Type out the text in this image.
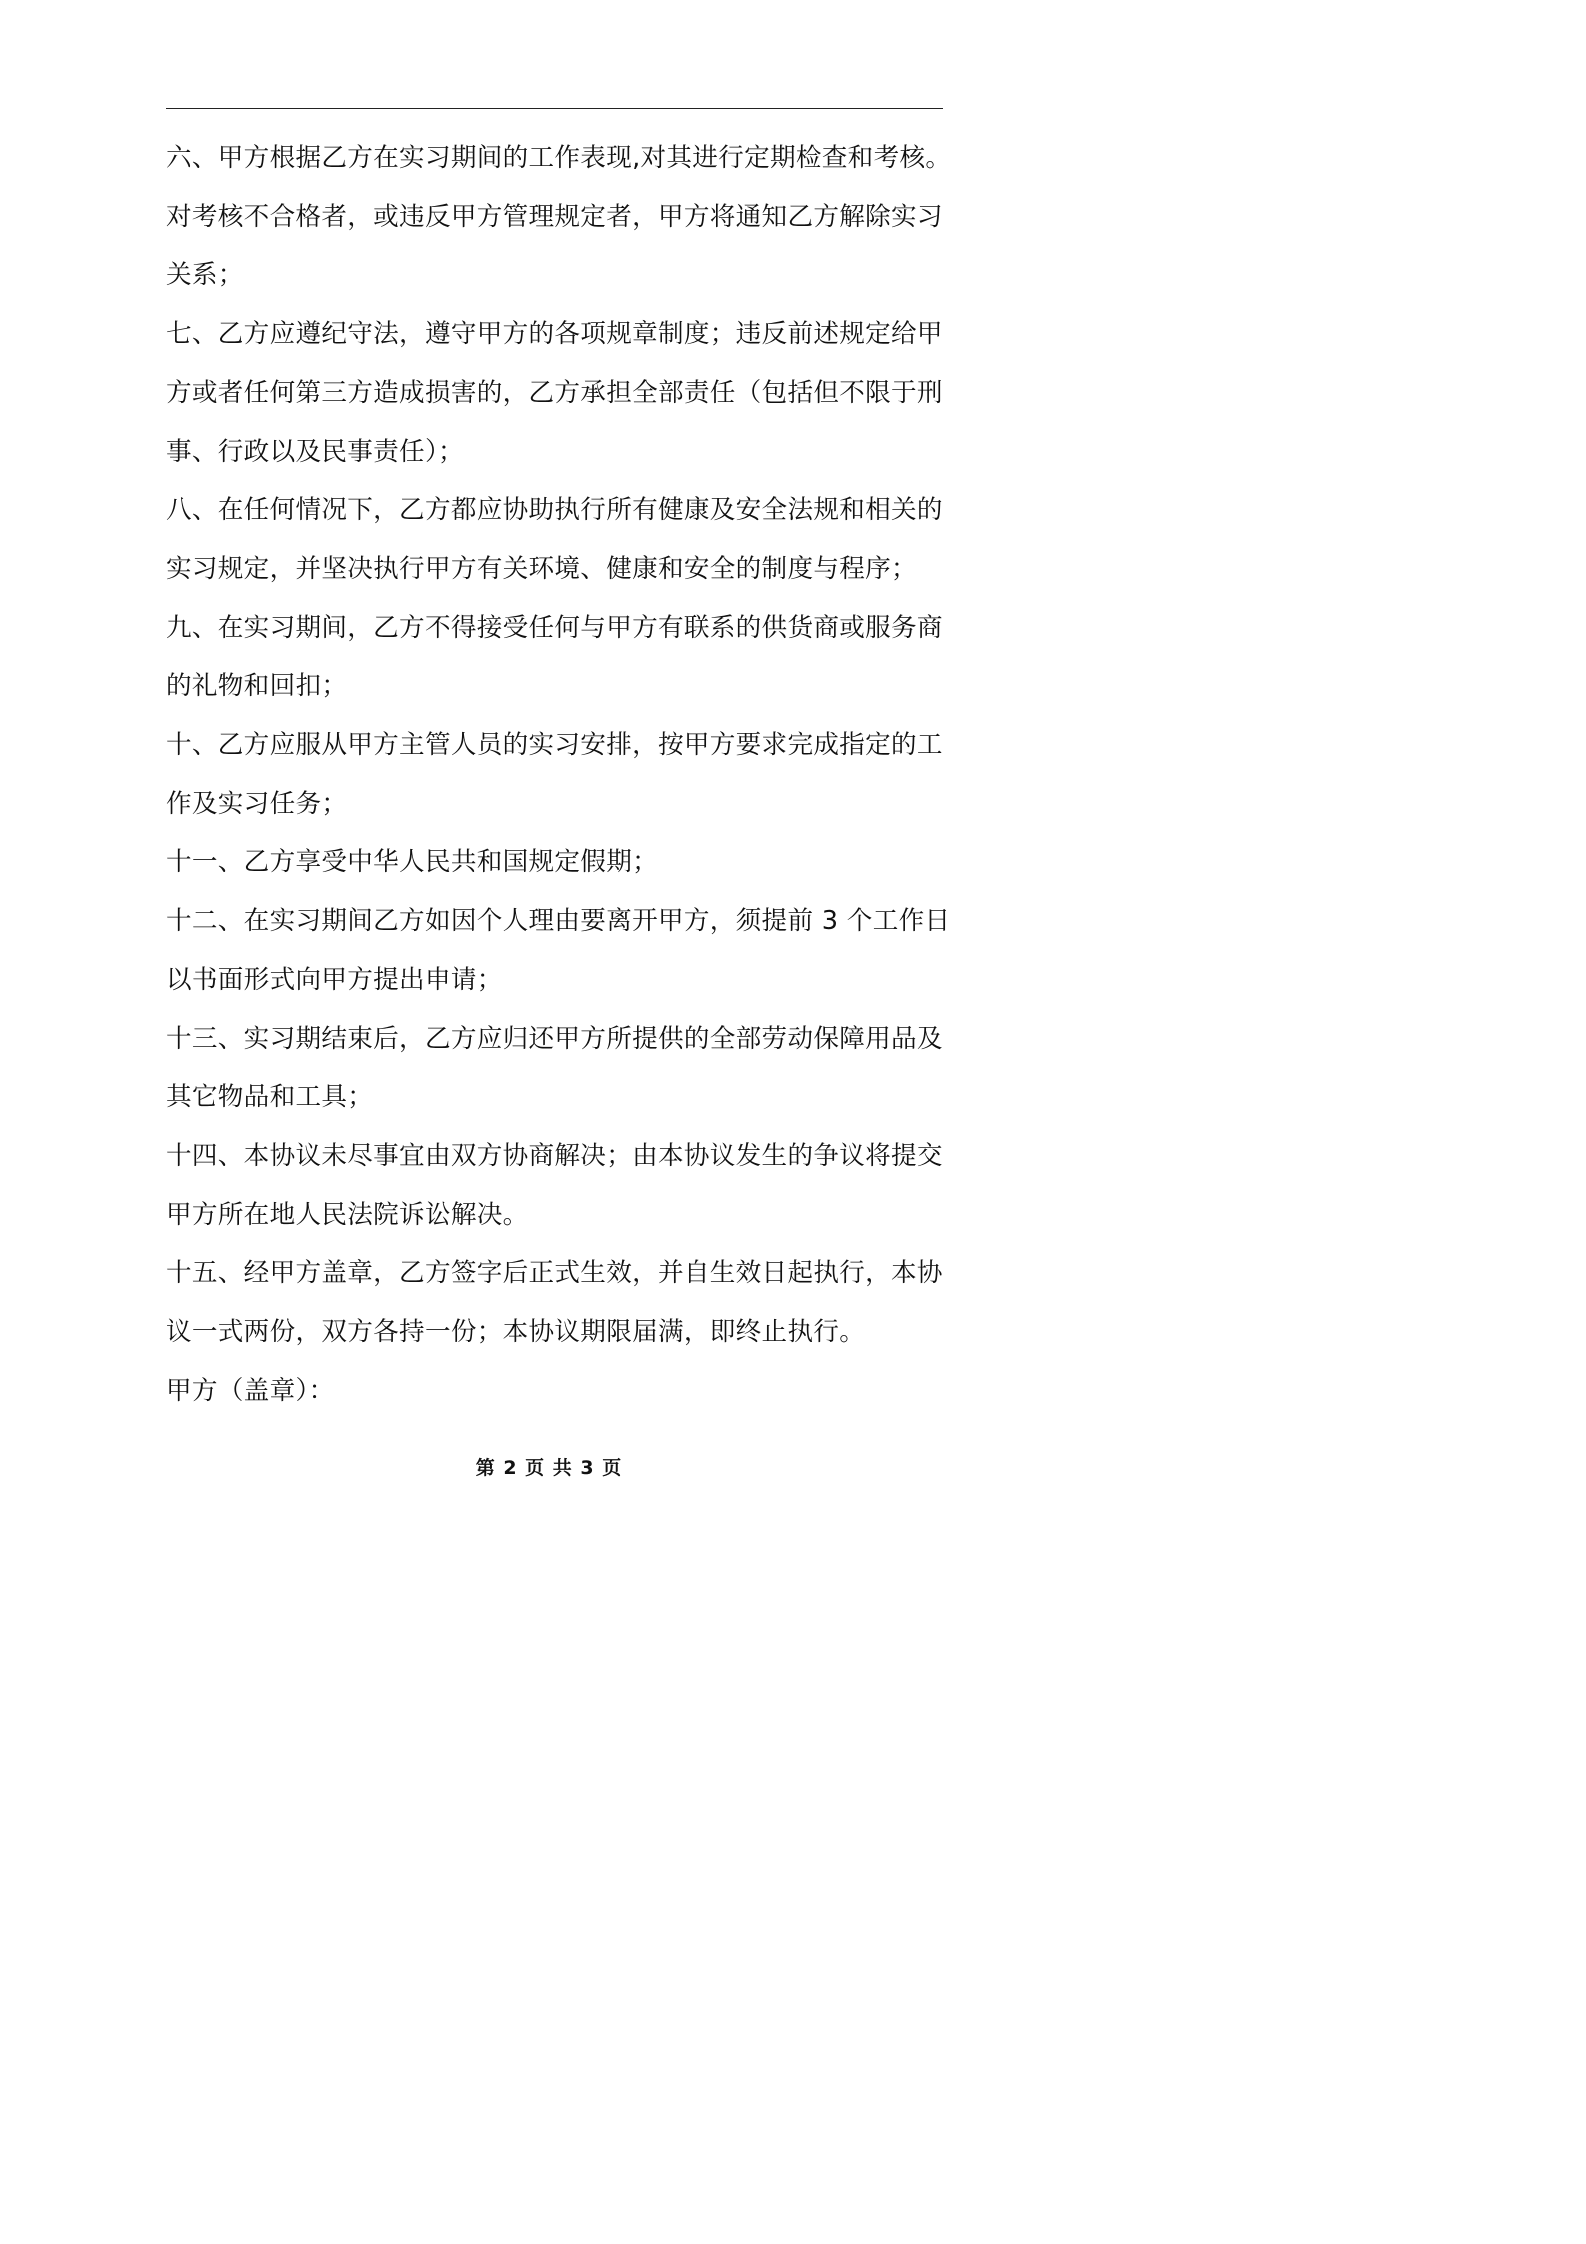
六、甲方根据乙方在实习期间的工作表现,对其进行定期检查和考核。对考核不合格者，或违反甲方管理规定者，甲方将通知乙方解除实习关系；

七、乙方应遵纪守法，遵守甲方的各项规章制度；违反前述规定给甲方或者任何第三方造成损害的，乙方承担全部责任（包括但不限于刑事、行政以及民事责任）；

八、在任何情况下，乙方都应协助执行所有健康及安全法规和相关的实习规定，并坚决执行甲方有关环境、健康和安全的制度与程序；

九、在实习期间，乙方不得接受任何与甲方有联系的供货商或服务商的礼物和回扣；

十、乙方应服从甲方主管人员的实习安排，按甲方要求完成指定的工作及实习任务；

十一、乙方享受中华人民共和国规定假期；

十二、在实习期间乙方如因个人理由要离开甲方，须提前 3 个工作日以书面形式向甲方提出申请；

十三、实习期结束后，乙方应归还甲方所提供的全部劳动保障用品及其它物品和工具；

十四、本协议未尽事宜由双方协商解决；由本协议发生的争议将提交甲方所在地人民法院诉讼解决。

十五、经甲方盖章，乙方签字后正式生效，并自生效日起执行，本协议一式两份，双方各持一份；本协议期限届满，即终止执行。

甲方（盖章）：

第 2 页 共 3 页
